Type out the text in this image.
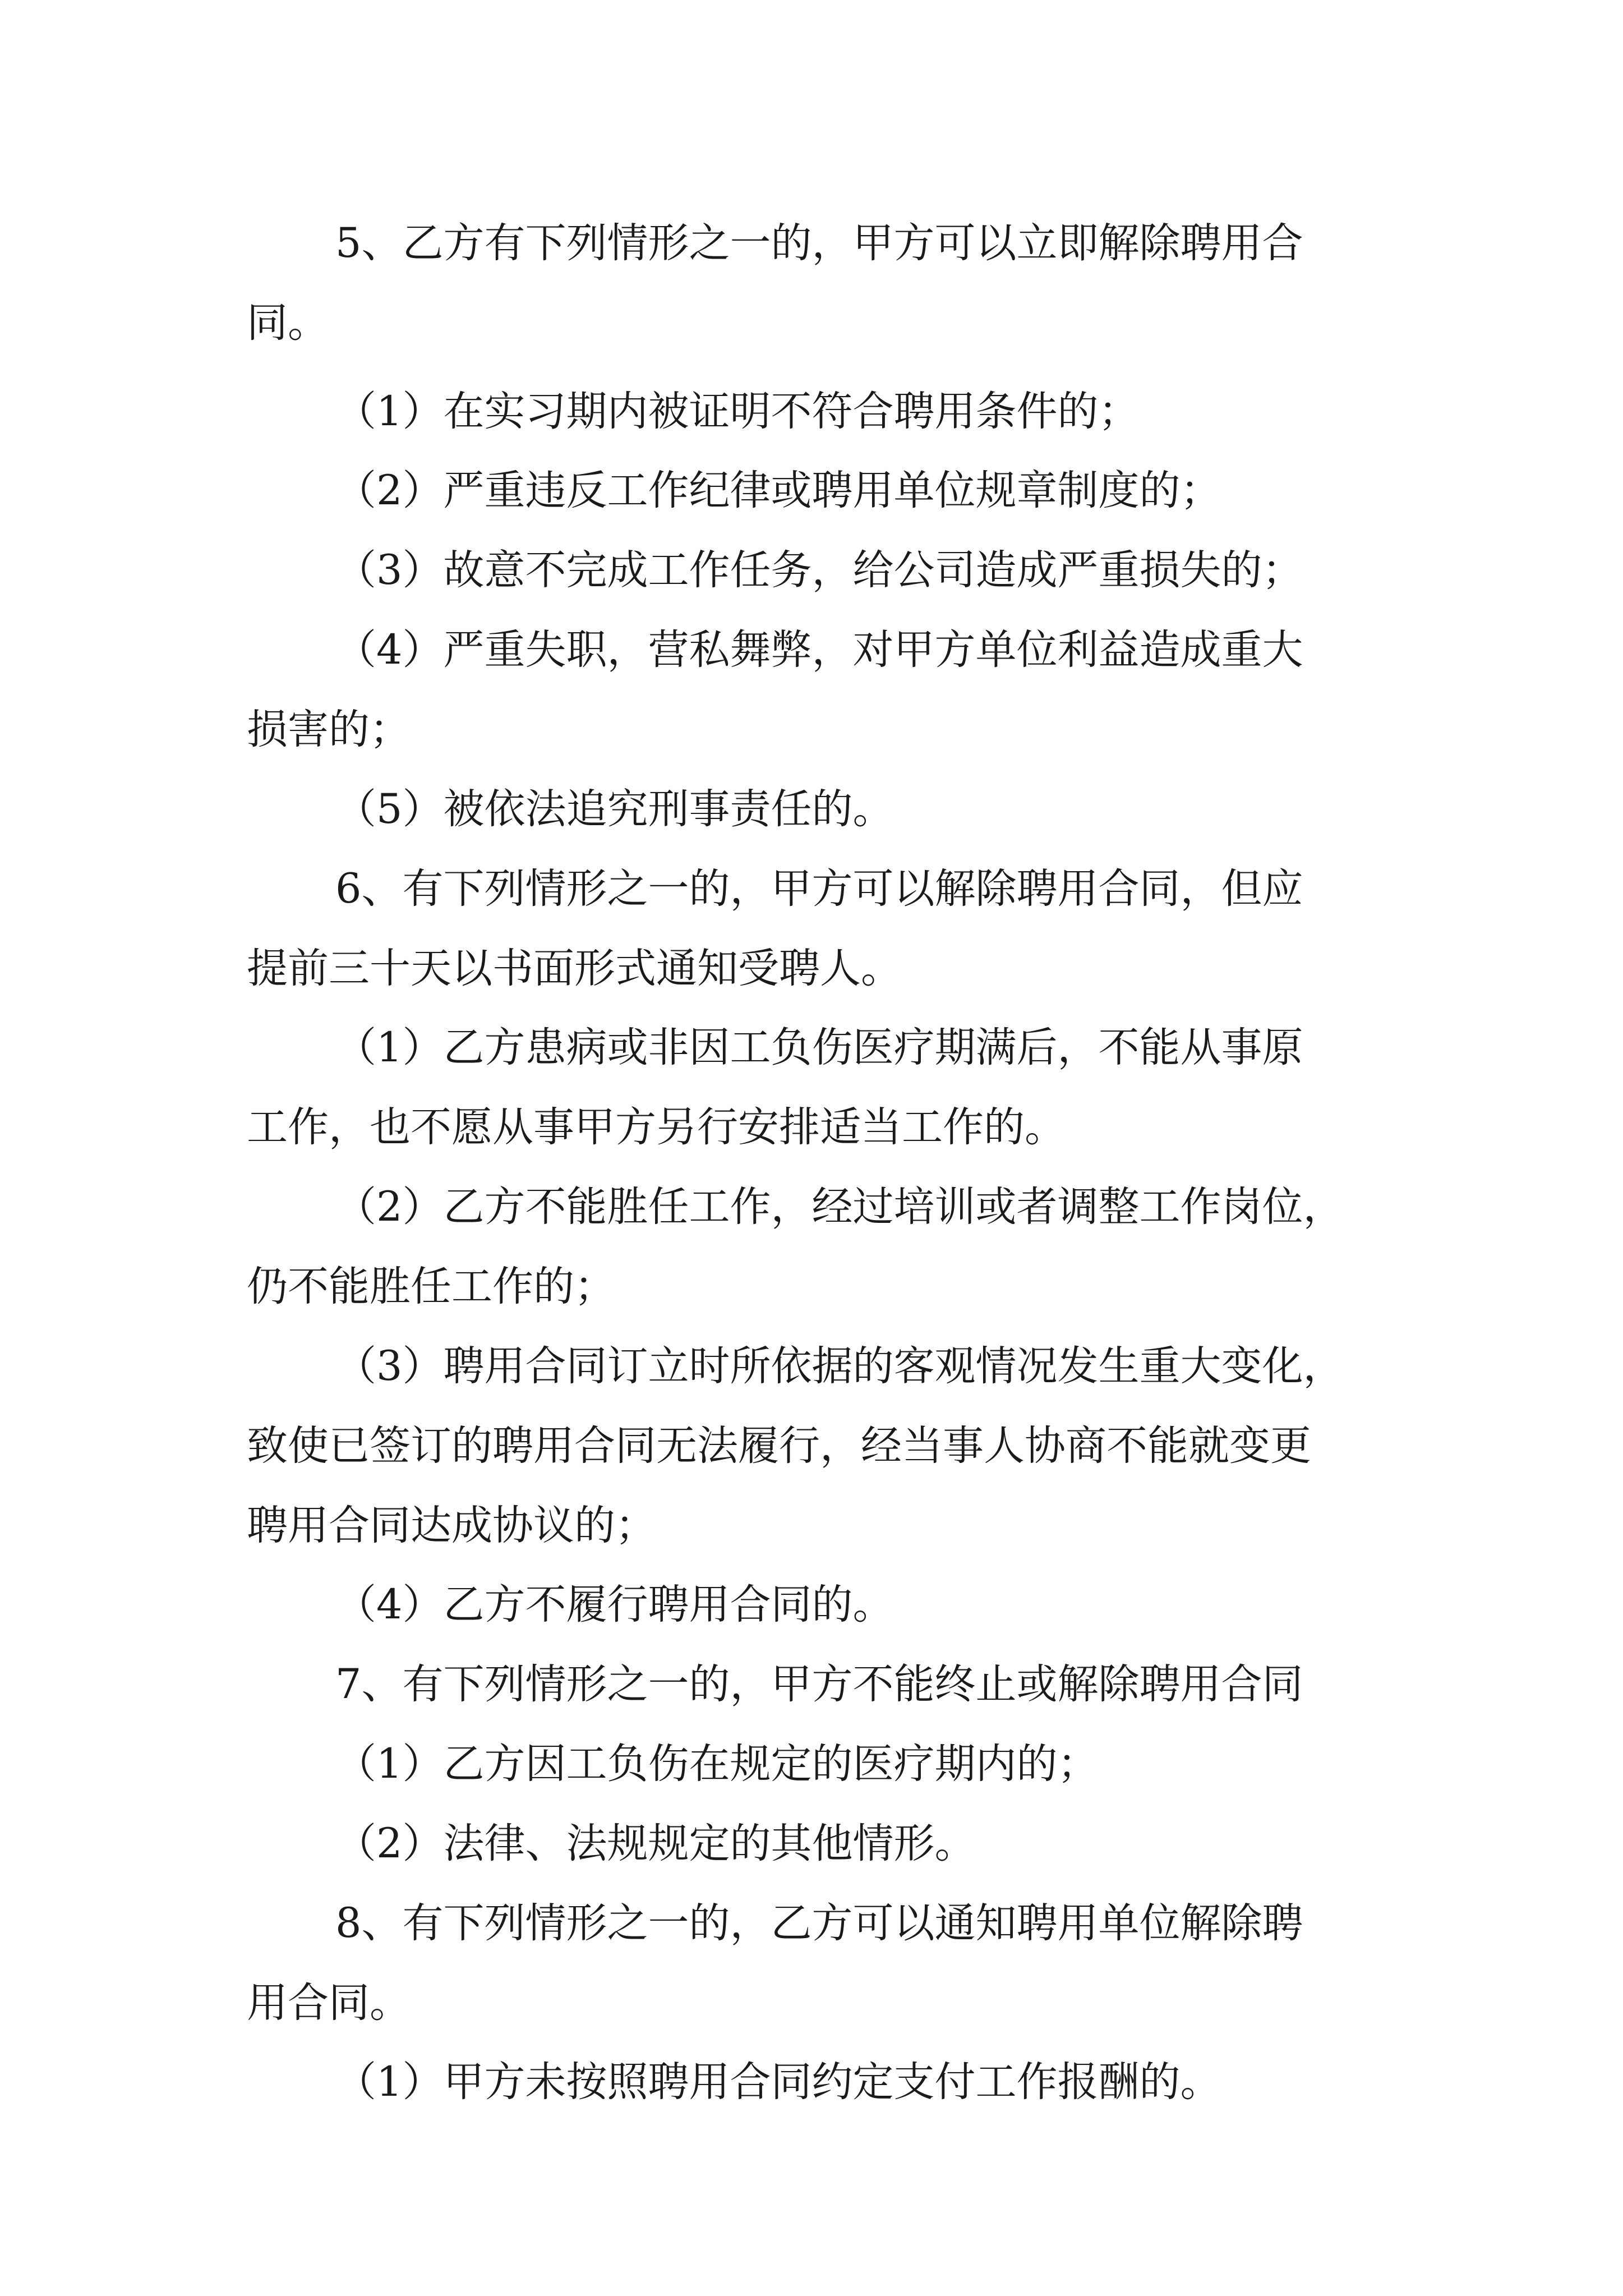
5、乙方有下列情形之一的，甲方可以立即解除聘用合

同。

（1）在实习期内被证明不符合聘用条件的；

（2）严重违反工作纪律或聘用单位规章制度的；

（3）故意不完成工作任务，给公司造成严重损失的；

（4）严重失职，营私舞弊，对甲方单位利益造成重大

损害的；

（5）被依法追究刑事责任的。

6、有下列情形之一的，甲方可以解除聘用合同，但应

提前三十天以书面形式通知受聘人。

（1）乙方患病或非因工负伤医疗期满后，不能从事原

工作，也不愿从事甲方另行安排适当工作的。

（2）乙方不能胜任工作，经过培训或者调整工作岗位，

仍不能胜任工作的；

（3）聘用合同订立时所依据的客观情况发生重大变化，

致使已签订的聘用合同无法履行，经当事人协商不能就变更

聘用合同达成协议的；

（4）乙方不履行聘用合同的。

7、有下列情形之一的，甲方不能终止或解除聘用合同

（1）乙方因工负伤在规定的医疗期内的；

（2）法律、法规规定的其他情形。

8、有下列情形之一的，乙方可以通知聘用单位解除聘

用合同。

（1）甲方未按照聘用合同约定支付工作报酬的。
